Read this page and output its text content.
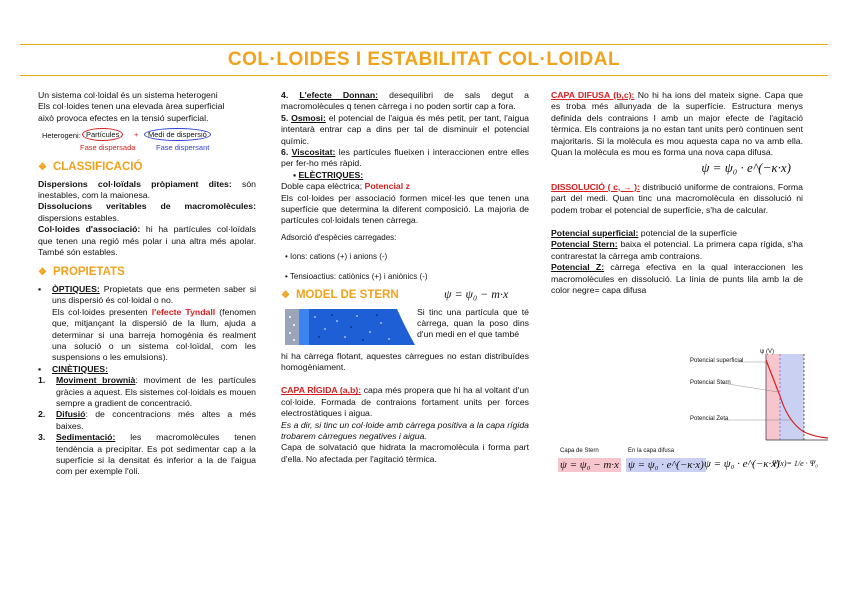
COL·LOIDES I ESTABILITAT COL·LOIDAL

Un sistema col·loidal és un sistema heterogeni

Els col·loides tenen una elevada àrea superficial

això provoca efectes en la tensió superficial.

Heterogeni: Partícules	+	Medi de dispersió
Fase dispersada	Fase dispersant
❖ CLASSIFICACIÓ

Dispersions col·loïdals pròpiament dites: són inestables, com la maionesa.

Dissolucions veritables de macromolècules: dispersions estables.

Col·loides d'associació: hi ha partícules col·loïdals que tenen una regió més polar i una altra més apolar. També són estables.

❖ PROPIETATS

▪ ÒPTIQUES: Propietats que ens permeten saber si uns dispersió és col·loidal o no.

Els col·loides presenten l'efecte Tyndall (fenomen que, mitjançant la dispersió de la llum, ajuda a determinar si una barreja homogènia és realment una solució o un sistema col·loïdal, com les suspensions o les emulsions).

▪ CINÈTIQUES:

1. Moviment brownià: moviment de les partícules gràcies a aquest. Els sistemes col·loidals es mouen sempre a gradient de concentració.

2. Difusió: de concentracions més altes a més baixes.

3. Sedimentació: les macromolècules tenen tendència a precipitar. Es pot sedimentar cap a la superfície si la densitat és inferior a la de l'aigua com per exemple l'oli.

4. L'efecte Donnan: desequilibri de sals degut a macromolècules q tenen càrrega i no poden sortir cap a fora.

5. Osmosi: el potencial de l'aigua és més petit, per tant, l'aigua intentarà entrar cap a dins per tal de disminuir el potencial químic.

6. Viscositat: les partícules flueixen i interaccionen entre elles per fer-ho més ràpid.

▪ ELÈCTRIQUES:

Doble capa elèctrica; Potencial z

Els col·loides per associació formen micel·les que tenen una superfície que determina la diferent composició. La majoria de partícules col·loidals tenen càrrega.

Adsorció d'espècies carregades:

• Ions: cations (+) i anions (-)

• Tensioactius: catiònics (+) i aniònics (-)

❖ MODEL DE STERN	ψ = ψ₀ − m·x

Si tinc una partícula que té càrrega, quan la poso dins d'un medi en el que també

hi ha càrrega flotant, aquestes càrregues no estan distribuïdes homogèniament.

CAPA RÍGIDA (a,b): capa més propera que hi ha al voltant d'un col·loide. Formada de contraions fortament units per forces electrostàtiques i aigua.

Es a dir, si tinc un col·loide amb càrrega positiva a la capa rígida trobarem càrregues negatives i aigua.

Capa de solvatació que hidrata la macromolècula i forma part d'ella. No afectada per l'agitació tèrmica.

CAPA DIFUSA (b,c): No hi ha ions del mateix signe. Capa que es troba més allunyada de la superfície. Estructura menys definida dels contraions I amb un major efecte de l'agitació tèrmica. Els contraions ja no estan tant units però continuen sent majoritaris. Si la molècula es mou aquesta capa no va amb ella. Quan la molècula es mou es forma una nova capa difusa.

ψ = ψ₀ · e^(−κ·x)

DISSOLUCIÓ ( c, → ): distribució uniforme de contraions. Forma part del medi. Quan tinc una macromolècula en dissolució ni podem trobar el potencial de superfície, s'ha de calcular.

Potencial superficial: potencial de la superfície

Potencial Stern: baixa el potencial. La primera capa rígida, s'ha contrarestat la càrrega amb contraions.

Potencial Z: càrrega efectiva en la qual interaccionen les macromolècules en dissolució. La línia de punts lila amb la de color negre= capa difusa

ψ (V)
Potencial superficial
Potencial Stern
Potencial Zeta
Capa de Stern	En la capa difusa
ψ = ψ₀ − m·x ψ = ψ₀ · e^(−κ·x) ψ = ψ₀ · e^(−κ·x)
Ψ(x)= 1/e · Ψ₀
